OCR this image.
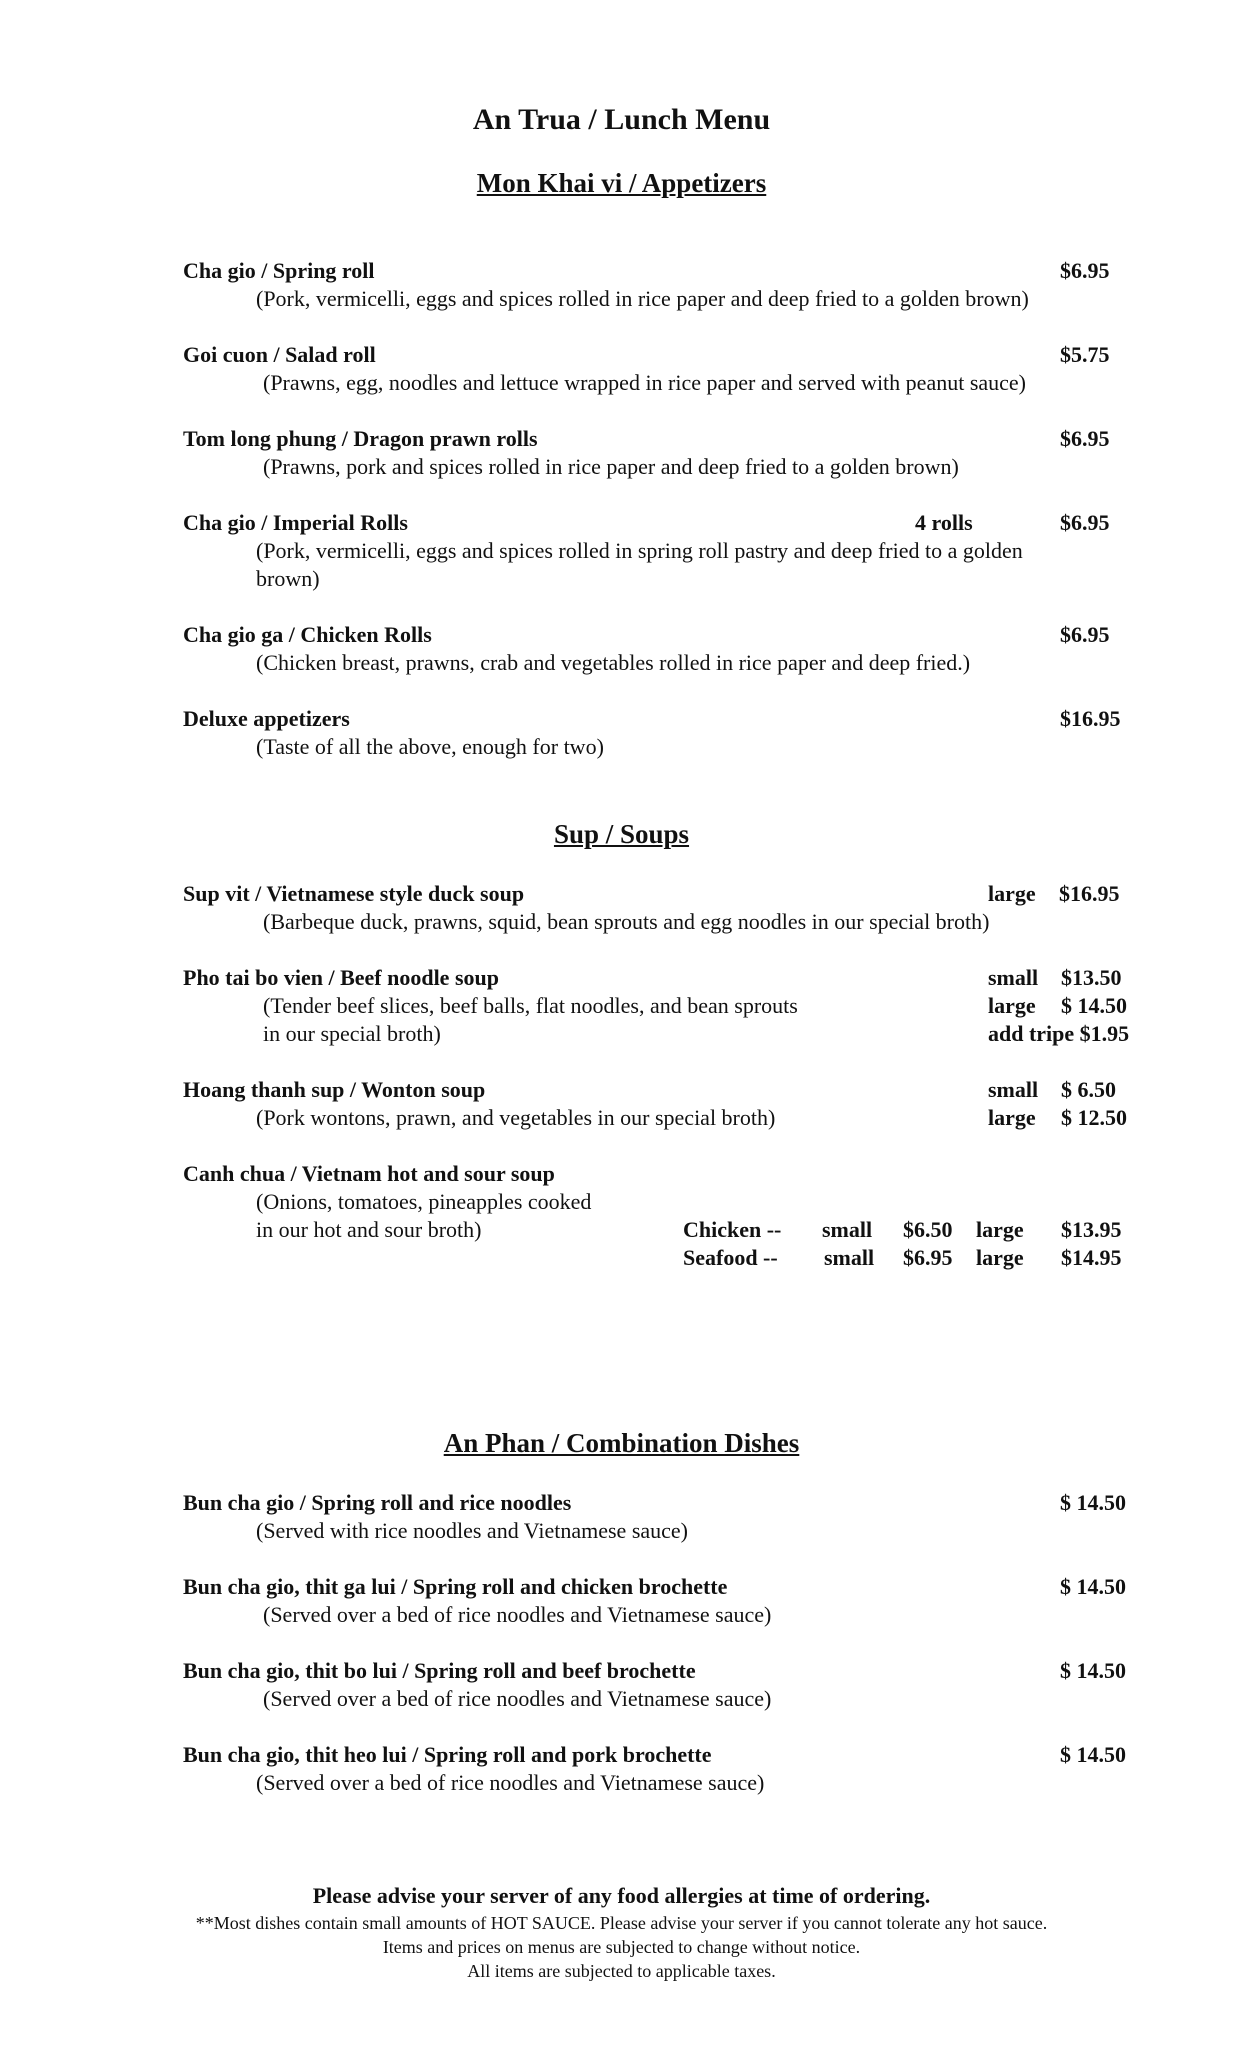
An Trua / Lunch Menu
Mon Khai vi / Appetizers
Cha gio / Spring roll	$6.95
(Pork, vermicelli, eggs and spices rolled in rice paper and deep fried to a golden brown)
Goi cuon / Salad roll	$5.75
(Prawns, egg, noodles and lettuce wrapped in rice paper and served with peanut sauce)
Tom long phung / Dragon prawn rolls	$6.95
(Prawns, pork and spices rolled in rice paper and deep fried to a golden brown)
Cha gio / Imperial Rolls	4 rolls	$6.95
(Pork, vermicelli, eggs and spices rolled in spring roll pastry and deep fried to a golden
brown)
Cha gio ga / Chicken Rolls	$6.95
(Chicken breast, prawns, crab and vegetables rolled in rice paper and deep fried.)
Deluxe appetizers	$16.95
(Taste of all the above, enough for two)
Sup / Soups
Sup vit / Vietnamese style duck soup	large $16.95
(Barbeque duck, prawns, squid, bean sprouts and egg noodles in our special broth)
Pho tai bo vien / Beef noodle soup	small $13.50
(Tender beef slices, beef balls, flat noodles, and bean sprouts	large $ 14.50
in our special broth)	add tripe $1.95
Hoang thanh sup / Wonton soup	small $ 6.50
(Pork wontons, prawn, and vegetables in our special broth)	large $ 12.50
Canh chua / Vietnam hot and sour soup
(Onions, tomatoes, pineapples cooked
in our hot and sour broth)	Chicken -- small $6.50 large $13.95
Seafood -- small $6.95 large $14.95
An Phan / Combination Dishes
Bun cha gio / Spring roll and rice noodles	$ 14.50
(Served with rice noodles and Vietnamese sauce)
Bun cha gio, thit ga lui / Spring roll and chicken brochette	$ 14.50
(Served over a bed of rice noodles and Vietnamese sauce)
Bun cha gio, thit bo lui / Spring roll and beef brochette	$ 14.50
(Served over a bed of rice noodles and Vietnamese sauce)
Bun cha gio, thit heo lui / Spring roll and pork brochette	$ 14.50
(Served over a bed of rice noodles and Vietnamese sauce)
Please advise your server of any food allergies at time of ordering.
**Most dishes contain small amounts of HOT SAUCE. Please advise your server if you cannot tolerate any hot sauce.
Items and prices on menus are subjected to change without notice.
All items are subjected to applicable taxes.
